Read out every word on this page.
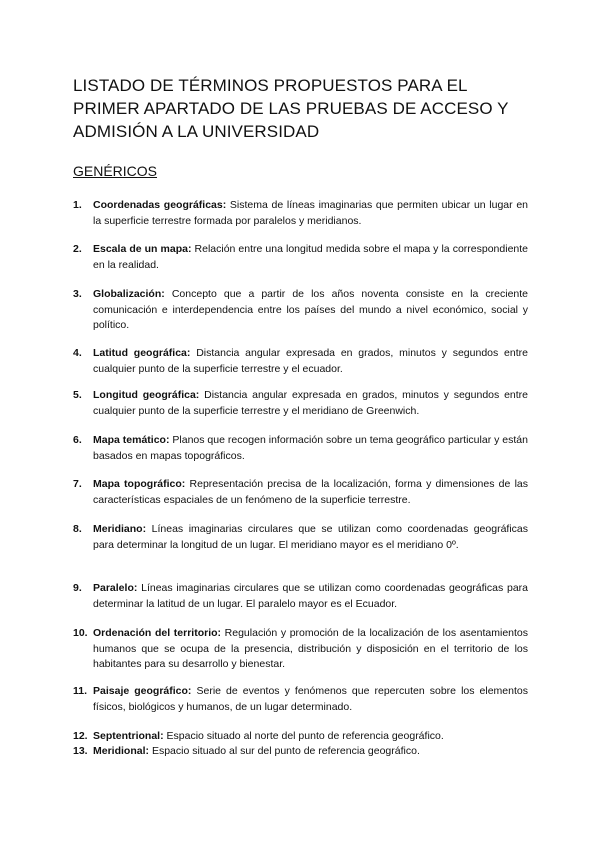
LISTADO DE TÉRMINOS PROPUESTOS PARA EL
PRIMER APARTADO DE LAS PRUEBAS DE ACCESO Y
ADMISIÓN A LA UNIVERSIDAD
GENÉRICOS
1. Coordenadas geográficas: Sistema de líneas imaginarias que permiten ubicar un lugar en la superficie terrestre formada por paralelos y meridianos.
2. Escala de un mapa: Relación entre una longitud medida sobre el mapa y la correspondiente en la realidad.
3. Globalización: Concepto que a partir de los años noventa consiste en la creciente comunicación e interdependencia entre los países del mundo a nivel económico, social y político.
4. Latitud geográfica: Distancia angular expresada en grados, minutos y segundos entre cualquier punto de la superficie terrestre y el ecuador.
5. Longitud geográfica: Distancia angular expresada en grados, minutos y segundos entre cualquier punto de la superficie terrestre y el meridiano de Greenwich.
6. Mapa temático: Planos que recogen información sobre un tema geográfico particular y están basados en mapas topográficos.
7. Mapa topográfico: Representación precisa de la localización, forma y dimensiones de las características espaciales de un fenómeno de la superficie terrestre.
8. Meridiano: Líneas imaginarias circulares que se utilizan como coordenadas geográficas para determinar la longitud de un lugar. El meridiano mayor es el meridiano 0º.
9. Paralelo: Líneas imaginarias circulares que se utilizan como coordenadas geográficas para determinar la latitud de un lugar. El paralelo mayor es el Ecuador.
10. Ordenación del territorio: Regulación y promoción de la localización de los asentamientos humanos que se ocupa de la presencia, distribución y disposición en el territorio de los habitantes para su desarrollo y bienestar.
11. Paisaje geográfico: Serie de eventos y fenómenos que repercuten sobre los elementos físicos, biológicos y humanos, de un lugar determinado.
12. Septentrional: Espacio situado al norte del punto de referencia geográfico.
13. Meridional: Espacio situado al sur del punto de referencia geográfico.
